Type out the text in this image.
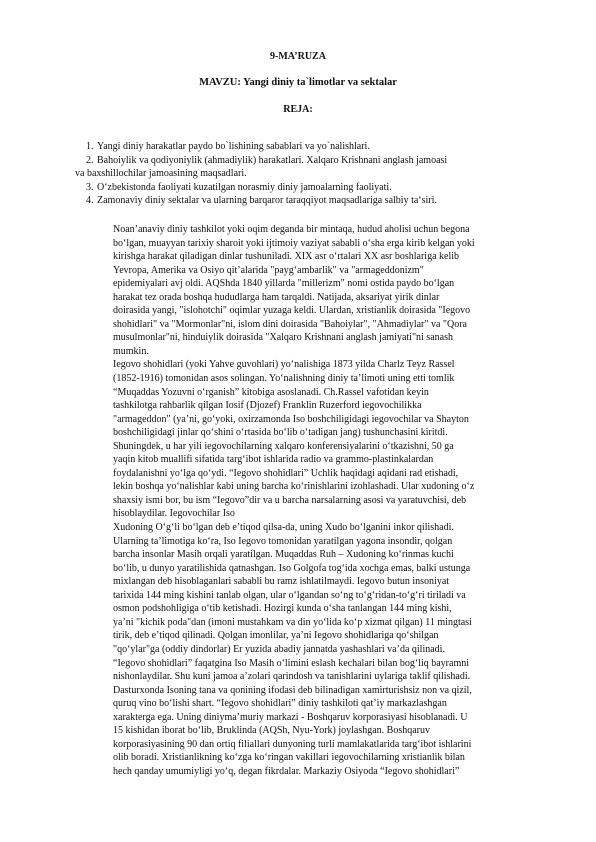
9-MA’RUZA
MAVZU: Yangi diniy ta`limotlar va sektalar
REJA:
1. Yangi diniy harakatlar paydo bo`lishining sabablari va yo`nalishlari.
2. Bahoiylik va qodiyoniylik (ahmadiylik) harakatlari. Xalqaro Krishnani anglash jamoasi
va baxshillochilar jamoasining maqsadlari.
3. O‘zbekistonda faoliyati kuzatilgan norasmiy diniy jamoalarning faoliyati.
4. Zamonaviy diniy sektalar va ularning barqaror taraqqiyot maqsadlariga salbiy ta‘siri.
Noan’anaviy diniy tashkilot yoki oqim deganda bir mintaqa, hudud aholisi uchun begona
bo‘lgan, muayyan tarixiy sharoit yoki ijtimoiy vaziyat sababli o‘sha erga kirib kelgan yoki
kirishga harakat qiladigan dinlar tushuniladi. XIX asr o‘rtalari XX asr boshlariga kelib
Yevropa, Amerika va Osiyo qit’alarida "payg‘ambarlik" va "armageddonizm"
epidemiyalari avj oldi. AQShda 1840 yillarda "millerizm" nomi ostida paydo bo‘lgan
harakat tez orada boshqa hududlarga ham tarqaldi. Natijada, aksariyat yirik dinlar
doirasida yangi, "islohotchi" oqimlar yuzaga keldi. Ulardan, xristianlik doirasida "Iegovo
shohidlari" va "Mormonlar"ni, islom dini doirasida "Bahoiylar", "Ahmadiylar" va "Qora
musulmonlar"ni, hinduiylik doirasida "Xalqaro Krishnani anglash jamiyati"ni sanash
mumkin.
Iegovo shohidlari (yoki Yahve guvohlari) yo‘nalishiga 1873 yilda Charlz Teyz Rassel
(1852-1916) tomonidan asos solingan. Yo‘nalishning diniy ta’limoti uning etti tomlik
“Muqaddas Yozuvni o‘rganish” kitobiga asoslanadi. Ch.Rassel vafotidan keyin
tashkilotga rahbarlik qilgan Iosif (Djozef) Franklin Ruzerford iegovochilikka
"armageddon" (ya’ni, go‘yoki, oxirzamonda Iso boshchiligidagi iegovochilar va Shayton
boshchiligidagi jinlar qo‘shini o‘rtasida bo‘lib o‘tadigan jang) tushunchasini kiritdi.
Shuningdek, u har yili iegovochilarning xalqaro konferensiyalarini o‘tkazishni, 50 ga
yaqin kitob muallifi sifatida targ‘ibot ishlarida radio va grammo-plastinkalardan
foydalanishni yo‘lga qo‘ydi. “Iegovo shohidlari” Uchlik haqidagi aqidani rad etishadi,
lekin boshqa yo‘nalishlar kabi uning barcha ko‘rinishlarini izohlashadi. Ular xudoning o‘z
shaxsiy ismi bor, bu ism “Iegovo”dir va u barcha narsalarning asosi va yaratuvchisi, deb
hisoblaydilar. Iegovochilar Iso
Xudoning O‘g‘li bo‘lgan deb e’tiqod qilsa-da, uning Xudo bo‘lganini inkor qilishadi.
Ularning ta’limotiga ko‘ra, Iso Iegovo tomonidan yaratilgan yagona insondir, qolgan
barcha insonlar Masih orqali yaratilgan. Muqaddas Ruh – Xudoning ko‘rinmas kuchi
bo‘lib, u dunyo yaratilishida qatnashgan. Iso Golgofa tog‘ida xochga emas, balki ustunga
mixlangan deb hisoblaganlari sababli bu ramz ishlatilmaydi. Iegovo butun insoniyat
tarixida 144 ming kishini tanlab olgan, ular o‘lgandan so‘ng to‘g‘ridan-to‘g‘ri tiriladi va
osmon podshohligiga o‘tib ketishadi. Hozirgi kunda o‘sha tanlangan 144 ming kishi,
ya’ni "kichik poda"dan (imoni mustahkam va din yo‘lida ko‘p xizmat qilgan) 11 mingtasi
tirik, deb e’tiqod qilinadi. Qolgan imonlilar, ya’ni Iegovo shohidlariga qo‘shilgan
"qo‘ylar"ga (oddiy dindorlar) Er yuzida abadiy jannatda yashashlari va’da qilinadi.
“Iegovo shohidlari” faqatgina Iso Masih o‘limini eslash kechalari bilan bog‘liq bayramni
nishonlaydilar. Shu kuni jamoa a’zolari qarindosh va tanishlarini uylariga taklif qilishadi.
Dasturxonda Isoning tana va qonining ifodasi deb bilinadigan xamirturishsiz non va qizil,
quruq vino bo‘lishi shart. “Iegovo shohidlari” diniy tashkiloti qat’iy markazlashgan
xarakterga ega. Uning diniyma’muriy markazi - Boshqaruv korporasiyasi hisoblanadi. U
15 kishidan iborat bo‘lib, Bruklinda (AQSh, Nyu-York) joylashgan. Boshqaruv
korporasiyasining 90 dan ortiq filiallari dunyoning turli mamlakatlarida targ‘ibot ishlarini
olib boradi. Xristianlikning ko‘zga ko‘ringan vakillari iegovochilarning xristianlik bilan
hech qanday umumiyligi yo‘q, degan fikrdalar. Markaziy Osiyoda “Iegovo shohidlari”
